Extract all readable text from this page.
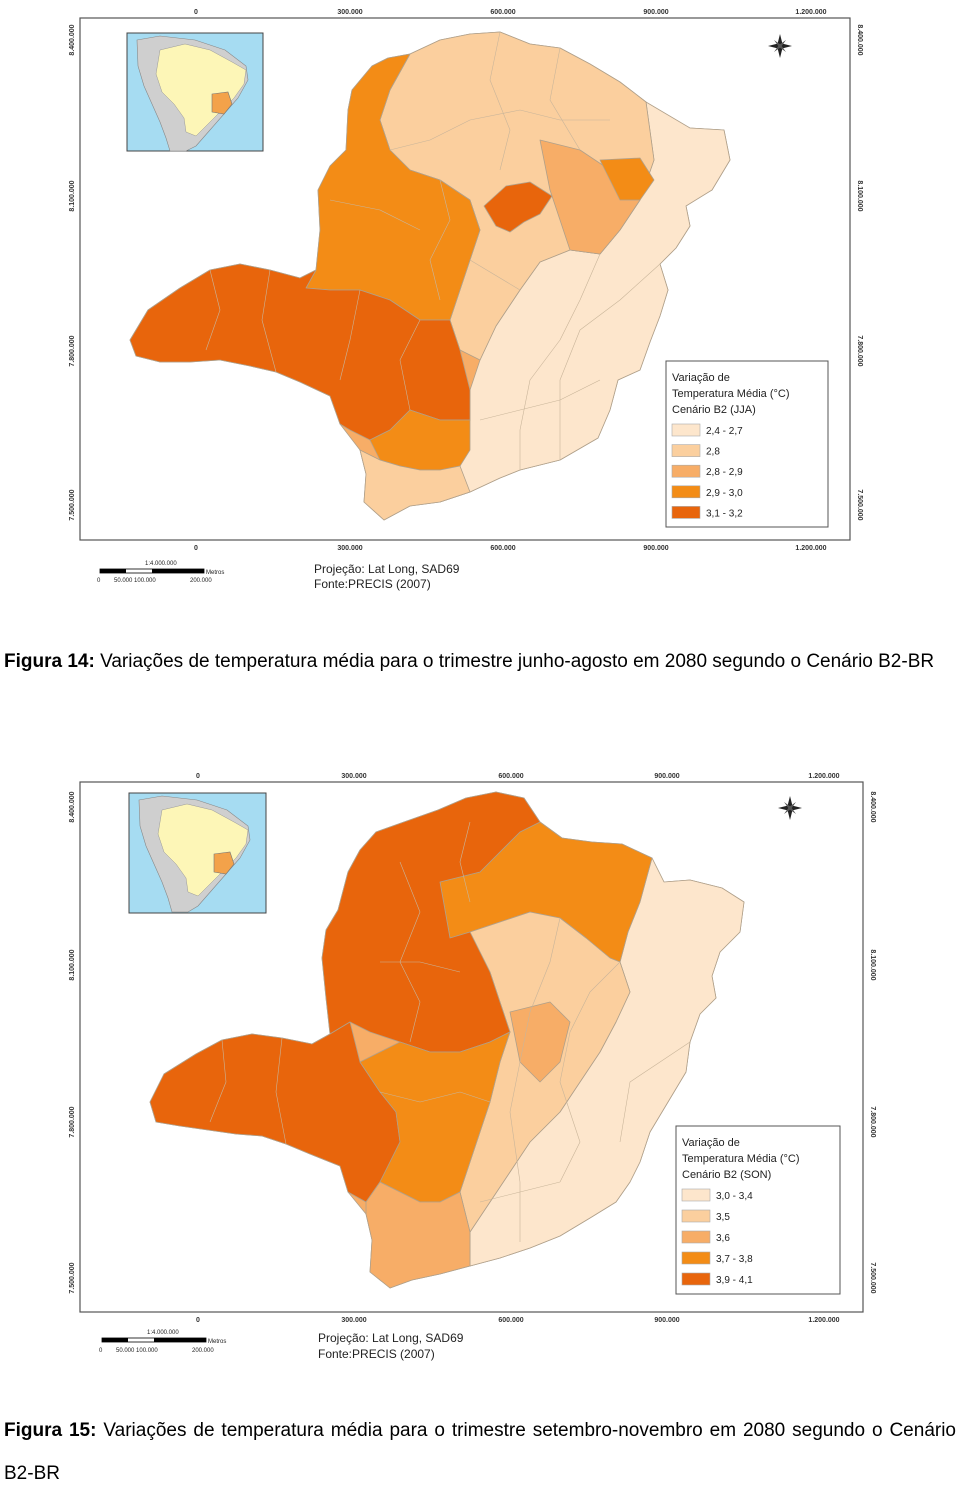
0	300.000	600.000	900.000	1.200.000
0	300.000	600.000	900.000	1.200.000
8.400.000
8.100.000
7.800.000
7.500.000
8.400.000
8.100.000
7.800.000
7.500.000
Variação de
Temperatura Média (°C)
Cenário B2 (JJA)
2,4 - 2,7
2,8
2,8 - 2,9
2,9 - 3,0
3,1 - 3,2
1:4.000.000
Metros
0 50.000 100.000	200.000
Projeção: Lat Long, SAD69
Fonte:PRECIS (2007)
Figura 14: Variações de temperatura média para o trimestre junho-agosto em 2080 segundo o Cenário B2-BR
0	300.000	600.000	900.000	1.200.000
0	300.000	600.000	900.000	1.200.000
8.400.000
8.100.000
7.800.000
7.500.000
8.400.000
8.100.000
7.800.000
7.500.000
Variação de
Temperatura Média (°C)
Cenário B2 (SON)
3,0 - 3,4
3,5
3,6
3,7 - 3,8
3,9 - 4,1
1:4.000.000
Metros
0 50.000 100.000	200.000
Projeção: Lat Long, SAD69
Fonte:PRECIS (2007)
Figura 15: Variações de temperatura média para o trimestre setembro-novembro em 2080 segundo o Cenário B2-BR
